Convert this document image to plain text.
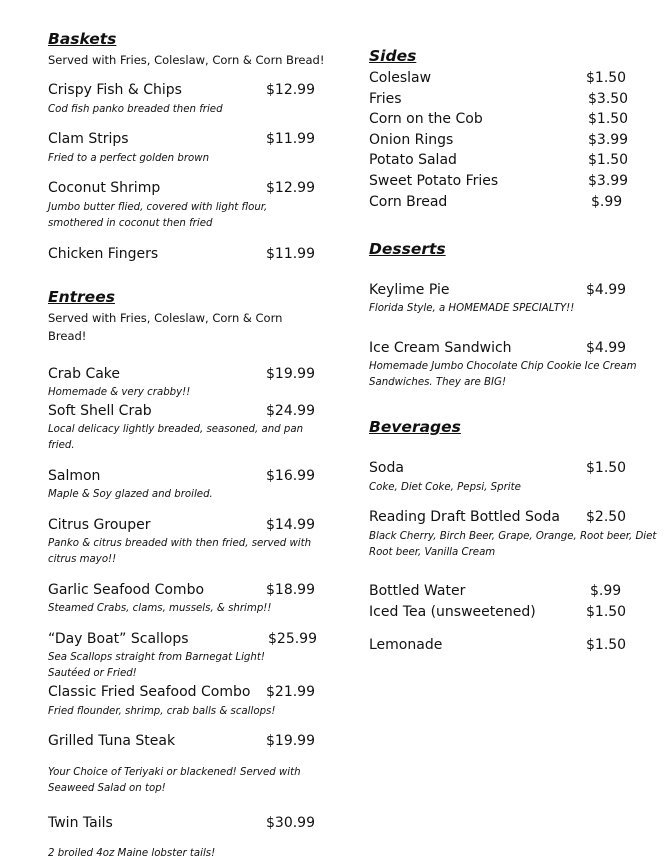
Baskets
Served with Fries, Coleslaw, Corn & Corn Bread!
Crispy Fish & Chips	$12.99
Cod fish panko breaded then fried
Clam Strips	$11.99
Fried to a perfect golden brown
Coconut Shrimp	$12.99
Jumbo butter flied, covered with light flour, smothered in coconut then fried
Chicken Fingers	$11.99
Entrees
Served with Fries, Coleslaw, Corn & Corn Bread!
Crab Cake	$19.99
Homemade & very crabby!!
Soft Shell Crab	$24.99
Local delicacy lightly breaded, seasoned, and pan fried.
Salmon	$16.99
Maple & Soy glazed and broiled.
Citrus Grouper	$14.99
Panko & citrus breaded with then fried, served with citrus mayo!!
Garlic Seafood Combo	$18.99
Steamed Crabs, clams, mussels, & shrimp!!
“Day Boat” Scallops	$25.99
Sea Scallops straight from Barnegat Light! Sautéed or Fried!
Classic Fried Seafood Combo $21.99
Fried flounder, shrimp, crab balls & scallops!
Grilled Tuna Steak	$19.99
Your Choice of Teriyaki or blackened! Served with Seaweed Salad on top!
Twin Tails	$30.99
2 broiled 4oz Maine lobster tails!
Sides
Coleslaw	$1.50
Fries	$3.50
Corn on the Cob	$1.50
Onion Rings	$3.99
Potato Salad	$1.50
Sweet Potato Fries	$3.99
Corn Bread	$.99
Desserts
Keylime Pie	$4.99
Florida Style, a HOMEMADE SPECIALTY!!
Ice Cream Sandwich	$4.99
Homemade Jumbo Chocolate Chip Cookie Ice Cream Sandwiches. They are BIG!
Beverages
Soda	$1.50
Coke, Diet Coke, Pepsi, Sprite
Reading Draft Bottled Soda $2.50
Black Cherry, Birch Beer, Grape, Orange, Root beer, Diet Root beer, Vanilla Cream
Bottled Water	$.99
Iced Tea (unsweetened)	$1.50
Lemonade	$1.50
